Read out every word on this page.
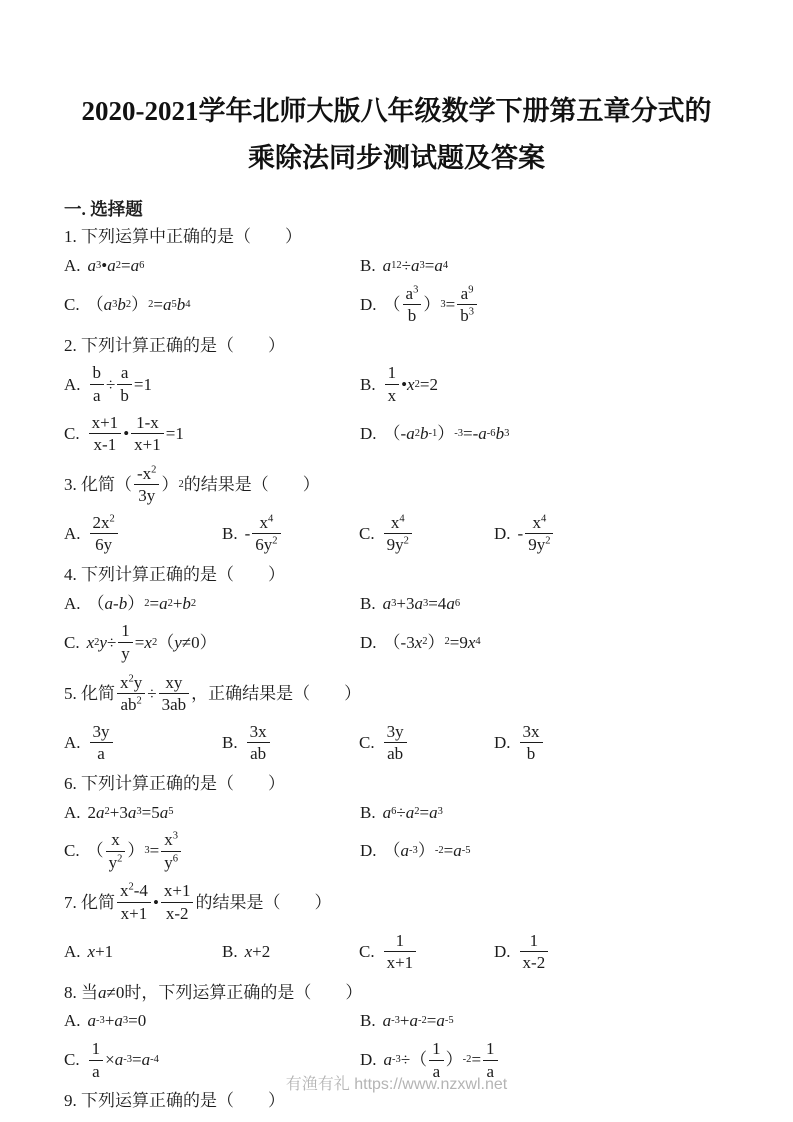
2020-2021学年北师大版八年级数学下册第五章分式的乘除法同步测试题及答案
一. 选择题
1. 下列运算中正确的是（　　）
A. a 3 • a 2 = a 6	B. a 12 ÷ a 3 = a 4
C. （ a 3 b 2 ） 2 = a 5 b 4	D. （ $\frac{a^3}{b}$ ） $3 = \frac{a^9}{b^3}$
2. 下列计算正确的是（　　）
A. $\frac{b}{a} \div \frac{a}{b} =1$	B. $\frac{1}{x}$ • x 2 =2
C. $\frac{x+1}{x-1}$ • $\frac{1-x}{x+1} =1$	D. （- a 2 b -1 ） -3 =- a -6 b 3
3. 化简（ $\frac{-x^2}{3y}$ ） 2 的结果是（　　）
A. $\frac{2x^2}{6y}$	B. - $\frac{x^4}{6y^2}$	C. $\frac{x^4}{9y^2}$	D. - $\frac{x^4}{9y^2}$
4. 下列计算正确的是（　　）
A. （ a - b ） 2 = a 2 + b 2	B. a 3 +3 a 3 =4 a 6
C. x 2 $y \div \frac{1}{y} = x$ 2 （ y ≠0）	D. （-3 x 2 ） 2 =9 x 4
5. 化简 $\frac{x^2y}{ab^2} \div \frac{xy}{3ab}$ ，正确结果是（　　）
A. $\frac{3y}{a}$	B. $\frac{3x}{ab}$	C. $\frac{3y}{ab}$	D. $\frac{3x}{b}$
6. 下列计算正确的是（　　）
A. 2 a 2 +3 a 3 =5 a 5	B. a 6 ÷ a 2 = a 3
C. （ $\frac{x}{y^2}$ ） $3 = \frac{x^3}{y^6}$	D. （ a -3 ） -2 = a -5
7. 化简 $\frac{x^2-4}{x+1}$ • $\frac{x+1}{x-2}$ 的结果是（　　）
A. x +1	B. x +2	C. $\frac{1}{x+1}$	D. $\frac{1}{x-2}$
8. 当 a ≠0时，下列运算正确的是（　　）
A. a -3 + a 3 =0	B. a -3 + a -2 = a -5
C. $\frac{1}{a} \times a$ -3 = a -4	D. a -3 ÷（ $\frac{1}{a}$ ） $-2 = \frac{1}{a}$
9. 下列运算正确的是（　　）
有渔有礼 https://www.nzxwl.net
